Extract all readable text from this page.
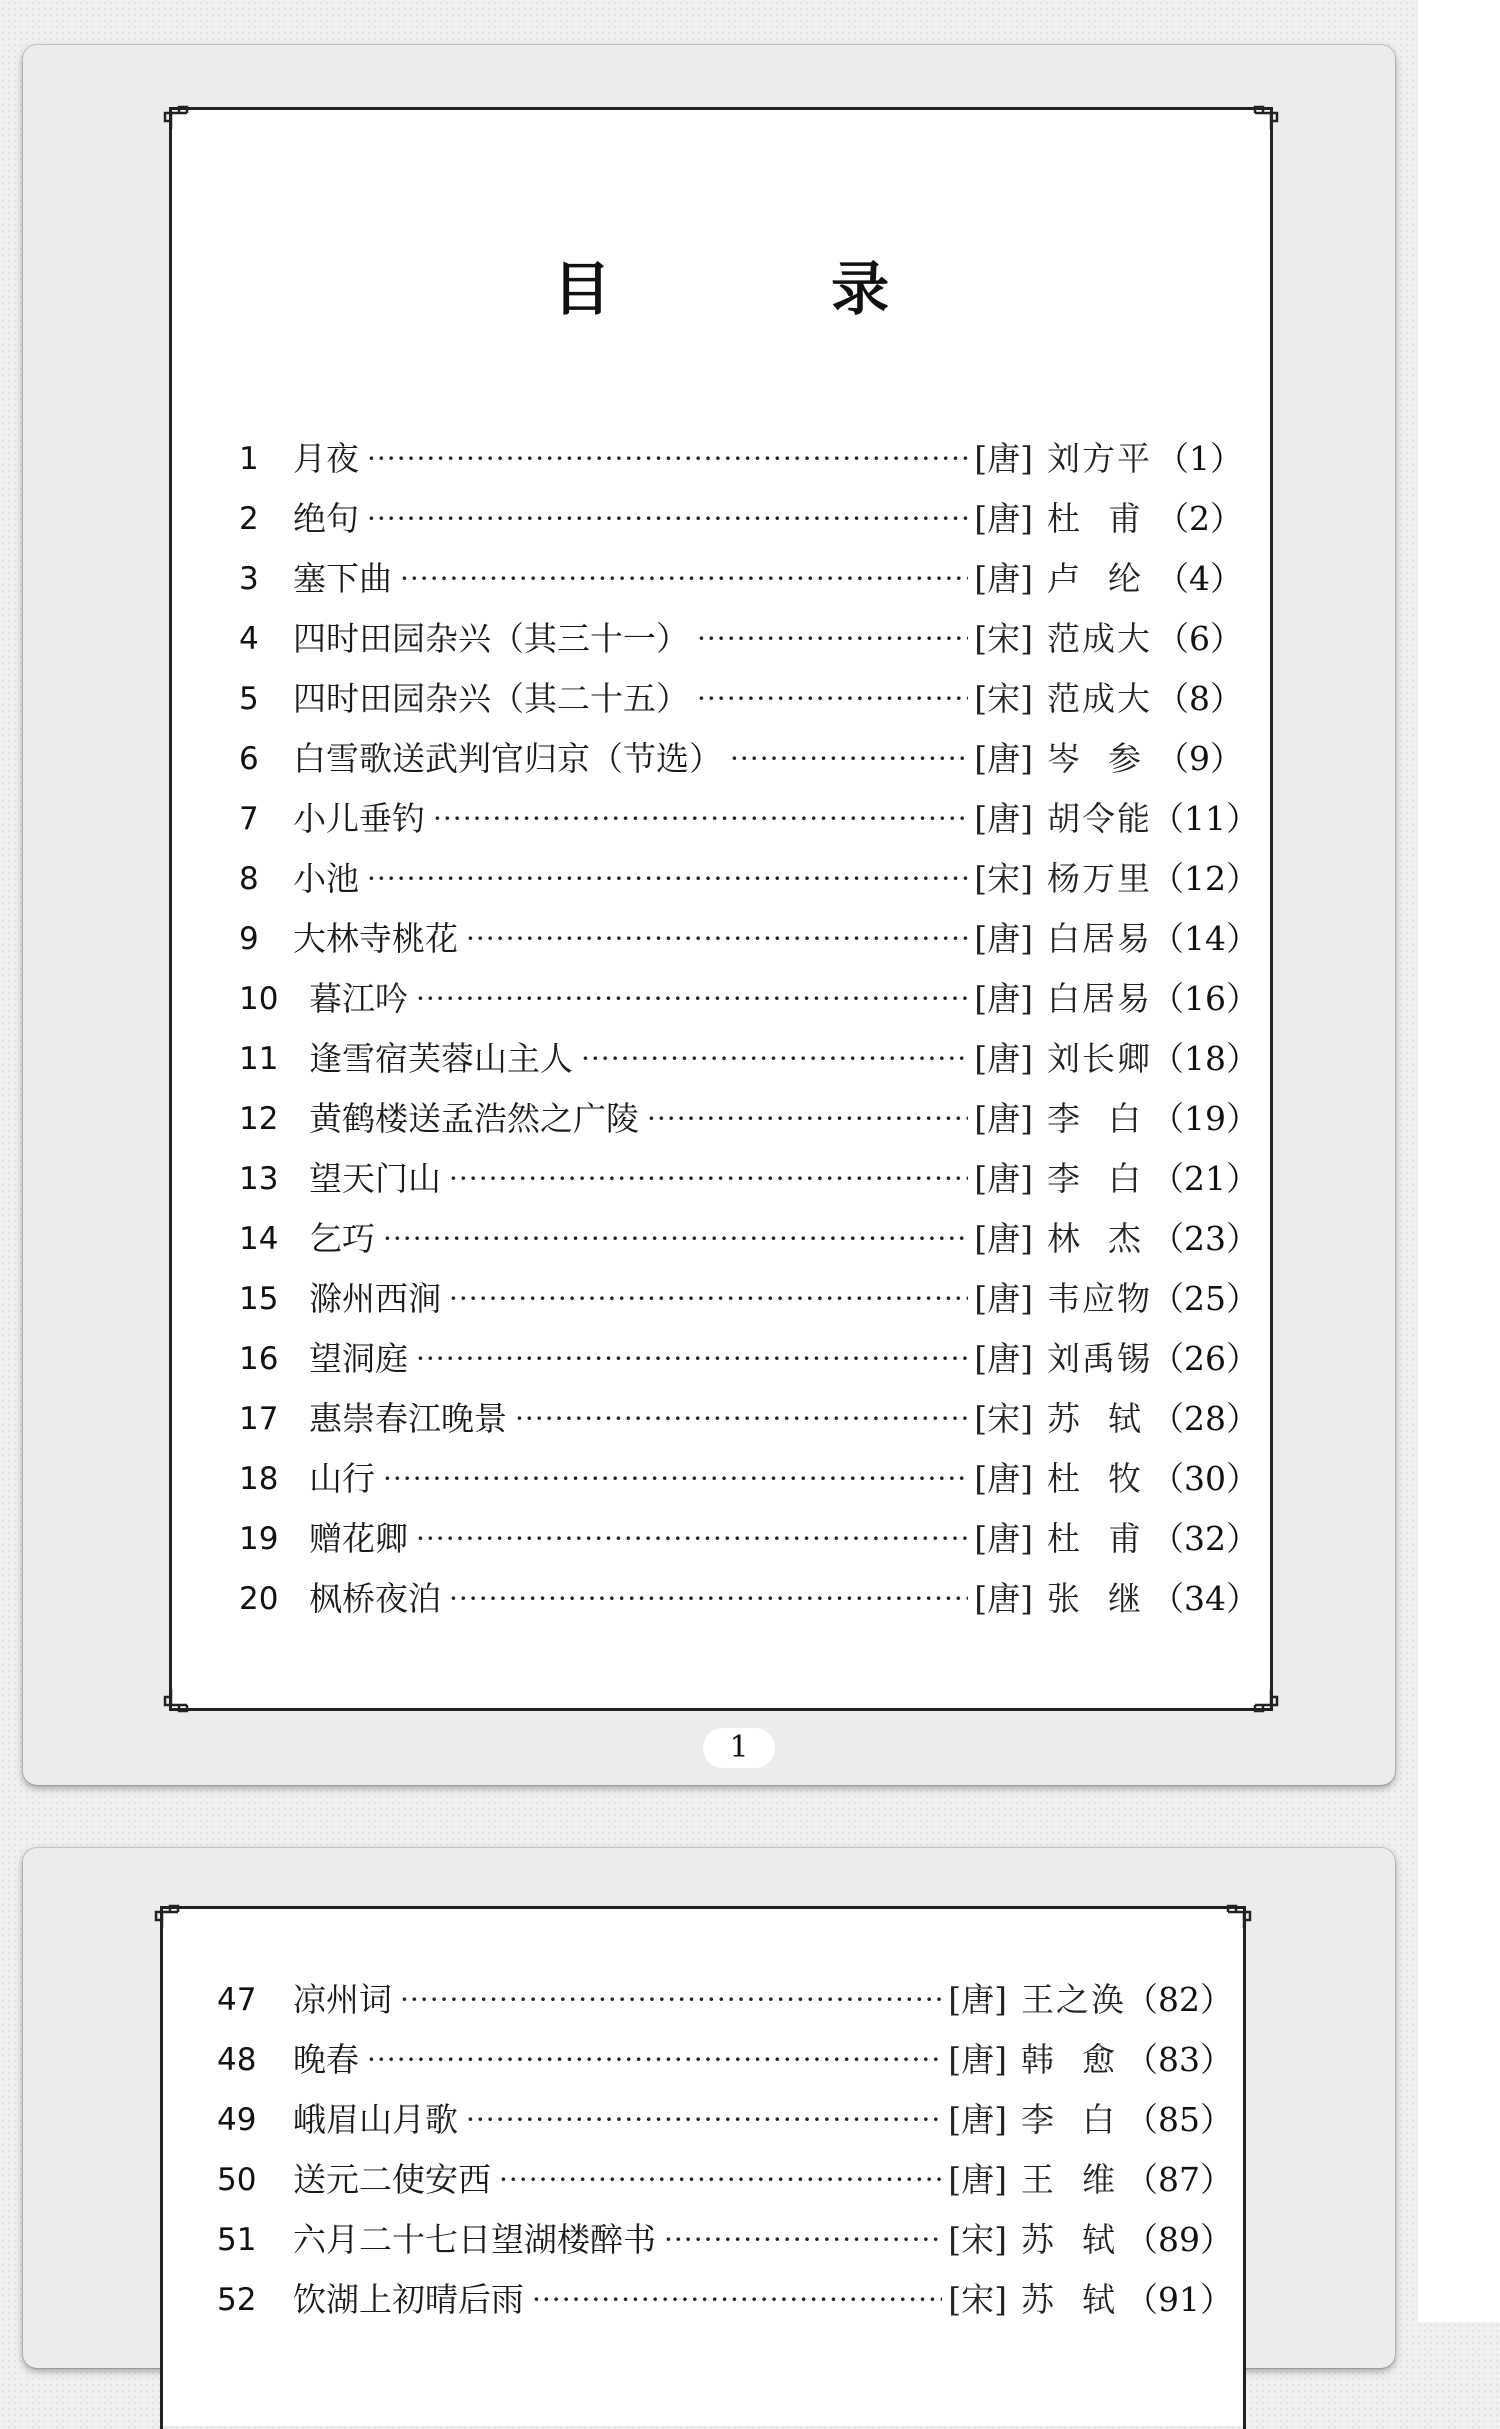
目 录
1	月夜 ·····	[唐] 刘方平 （1）
2	绝句 ·····	[唐] 杜 甫 （2）
3	塞下曲 ·····	[唐] 卢 纶 （4）
4	四时田园杂兴（其三十一） ·····	[宋] 范成大 （6）
5	四时田园杂兴（其二十五） ·····	[宋] 范成大 （8）
6	白雪歌送武判官归京（节选） ·····	[唐] 岑 参 （9）
7	小儿垂钓 ·····	[唐] 胡令能 （11）
8	小池 ·····	[宋] 杨万里 （12）
9	大林寺桃花 ·····	[唐] 白居易 （14）
10 暮江吟 ·····	[唐] 白居易 （16）
11 逢雪宿芙蓉山主人 ·····	[唐] 刘长卿 （18）
12 黄鹤楼送孟浩然之广陵 ·····	[唐] 李 白 （19）
13 望天门山 ·····	[唐] 李 白 （21）
14 乞巧 ·····	[唐] 林 杰 （23）
15 滁州西涧 ·····	[唐] 韦应物 （25）
16 望洞庭 ·····	[唐] 刘禹锡 （26）
17 惠崇春江晚景 ·····	[宋] 苏 轼 （28）
18 山行 ·····	[唐] 杜 牧 （30）
19 赠花卿 ·····	[唐] 杜 甫 （32）
20 枫桥夜泊 ·····	[唐] 张 继 （34）
1
47	凉州词 ·····	[唐] 王之涣 （82）
48	晚春 ·····	[唐] 韩 愈 （83）
49	峨眉山月歌 ·····	[唐] 李 白 （85）
50	送元二使安西 ·····	[唐] 王 维 （87）
51	六月二十七日望湖楼醉书 ·····	[宋] 苏 轼 （89）
52	饮湖上初晴后雨 ·····	[宋] 苏 轼 （91）
